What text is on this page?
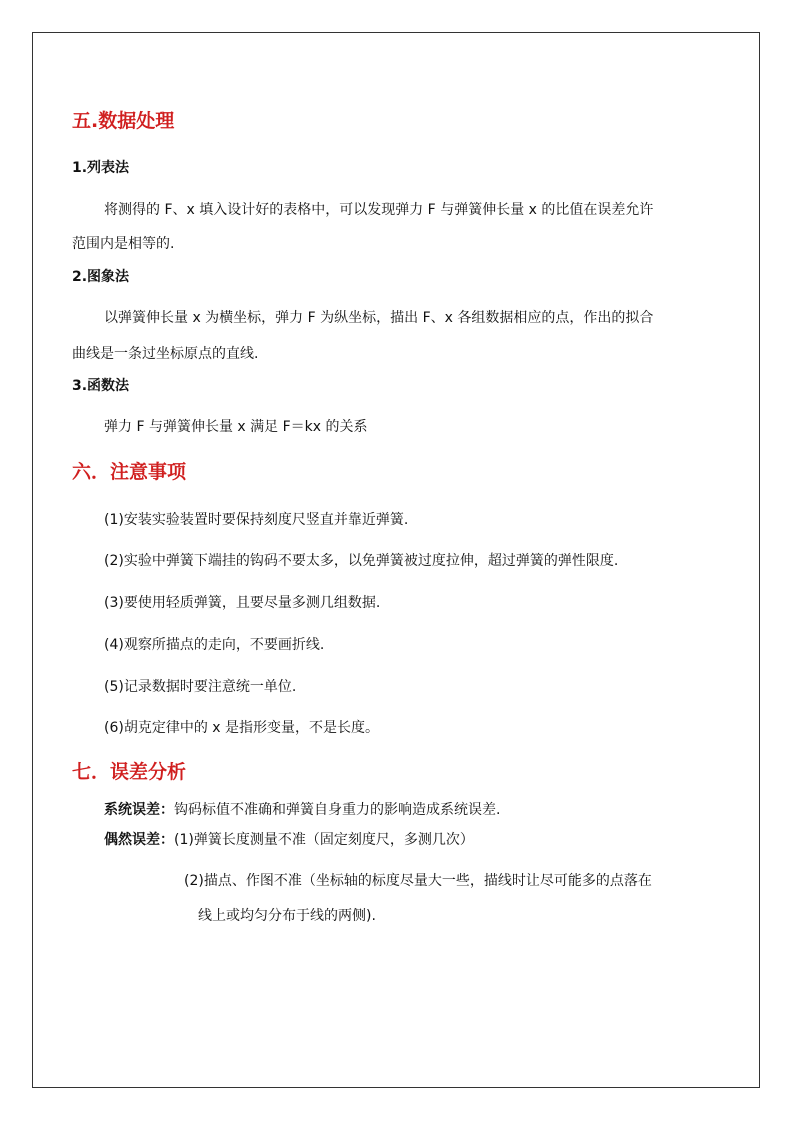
五.数据处理
1.列表法
将测得的 F、x 填入设计好的表格中，可以发现弹力 F 与弹簧伸长量 x 的比值在误差允许
范围内是相等的.
2.图象法
以弹簧伸长量 x 为横坐标，弹力 F 为纵坐标，描出 F、x 各组数据相应的点，作出的拟合
曲线是一条过坐标原点的直线.
3.函数法
弹力 F 与弹簧伸长量 x 满足 F＝kx 的关系
六．注意事项
(1)安装实验装置时要保持刻度尺竖直并靠近弹簧.
(2)实验中弹簧下端挂的钩码不要太多，以免弹簧被过度拉伸，超过弹簧的弹性限度.
(3)要使用轻质弹簧，且要尽量多测几组数据.
(4)观察所描点的走向，不要画折线.
(5)记录数据时要注意统一单位.
(6)胡克定律中的 x 是指形变量，不是长度。
七．误差分析
系统误差：钩码标值不准确和弹簧自身重力的影响造成系统误差.
偶然误差：(1)弹簧长度测量不准（固定刻度尺，多测几次）
(2)描点、作图不准（坐标轴的标度尽量大一些，描线时让尽可能多的点落在
线上或均匀分布于线的两侧).
